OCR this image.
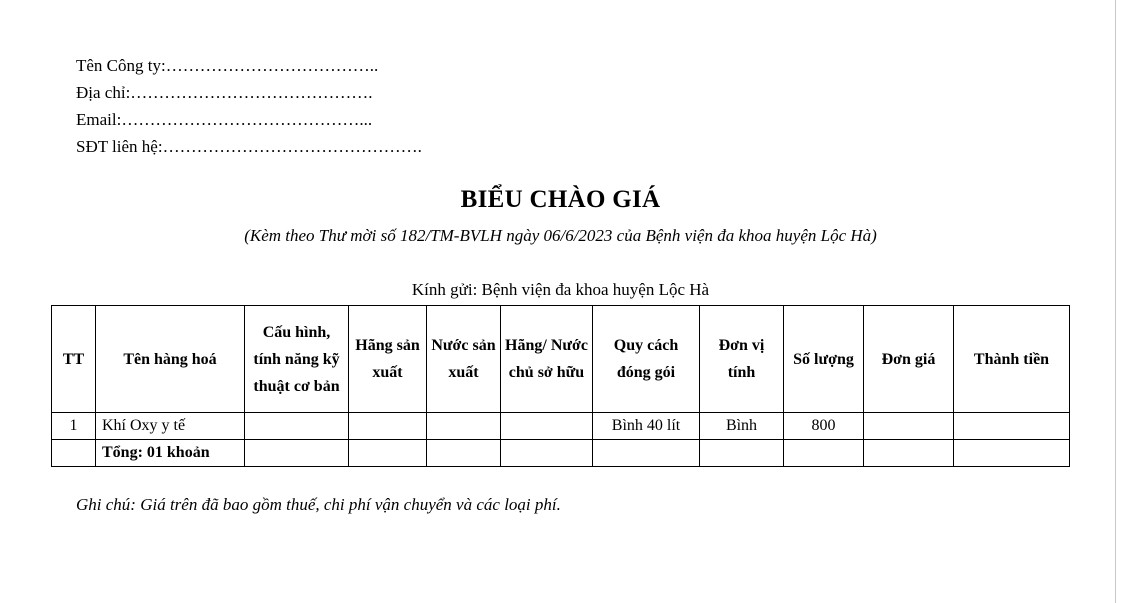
Tên Công ty:………………………………..
Địa chỉ:…………………………………….
Email:……………………………………...
SĐT liên hệ:……………………………………….
BIỂU CHÀO GIÁ
(Kèm theo Thư mời số 182/TM-BVLH ngày 06/6/2023 của Bệnh viện đa khoa huyện Lộc Hà)
Kính gửi: Bệnh viện đa khoa huyện Lộc Hà
TT	Tên hàng hoá	Cấu hình, tính năng kỹ thuật cơ bản	Hãng sản xuất	Nước sản xuất	Hãng/ Nước chủ sở hữu	Quy cách đóng gói	Đơn vị tính	Số lượng	Đơn giá	Thành tiền
1	Khí Oxy y tế					Bình 40 lít	Bình	800		
	Tổng: 01 khoản									
Ghi chú: Giá trên đã bao gồm thuế, chi phí vận chuyển và các loại phí.
